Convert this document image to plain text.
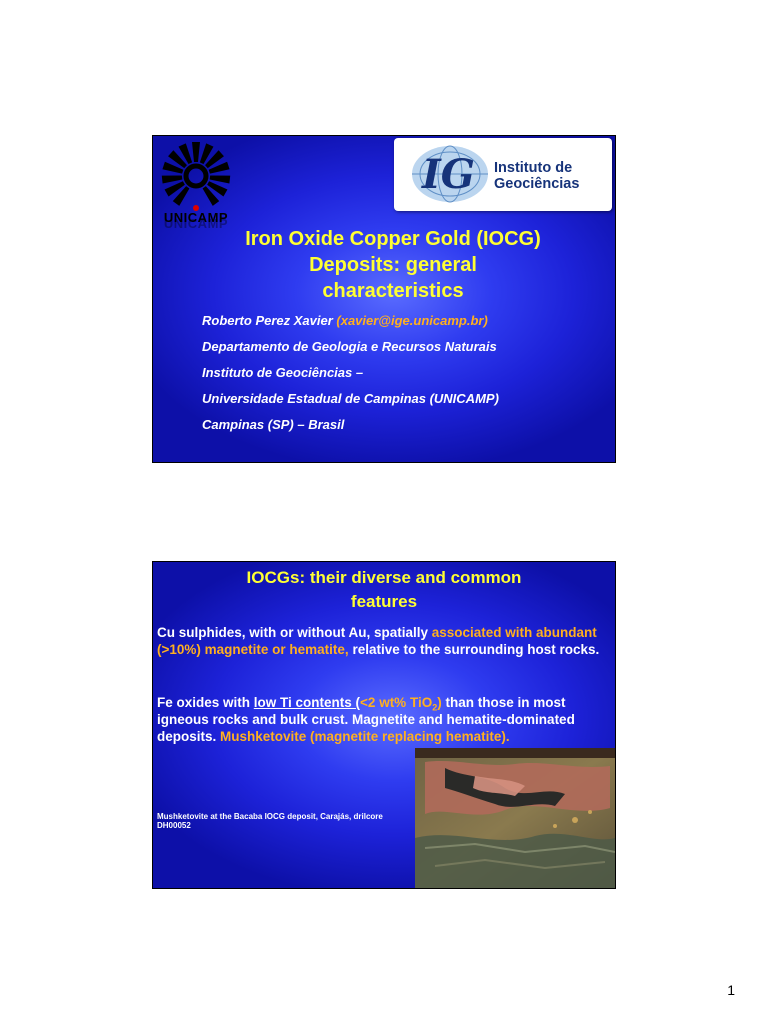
UNICAMP
IG Instituto de
Geociências
Iron Oxide Copper Gold (IOCG)
Deposits: general
characteristics
Roberto Perez Xavier (xavier@ige.unicamp.br)
Departamento de Geologia e Recursos Naturais
Instituto de Geociências –
Universidade Estadual de Campinas (UNICAMP)
Campinas (SP) – Brasil
IOCGs: their diverse and common
features
Cu sulphides, with or without Au, spatially associated with abundant (>10%) magnetite or hematite, relative to the surrounding host rocks.
Fe oxides with low Ti contents (<2 wt% TiO$_2$) than those in most igneous rocks and bulk crust. Magnetite and hematite-dominated deposits. Mushketovite (magnetite replacing hematite).
Mushketovite at the Bacaba IOCG deposit, Carajás, drilcore DH00052
1
